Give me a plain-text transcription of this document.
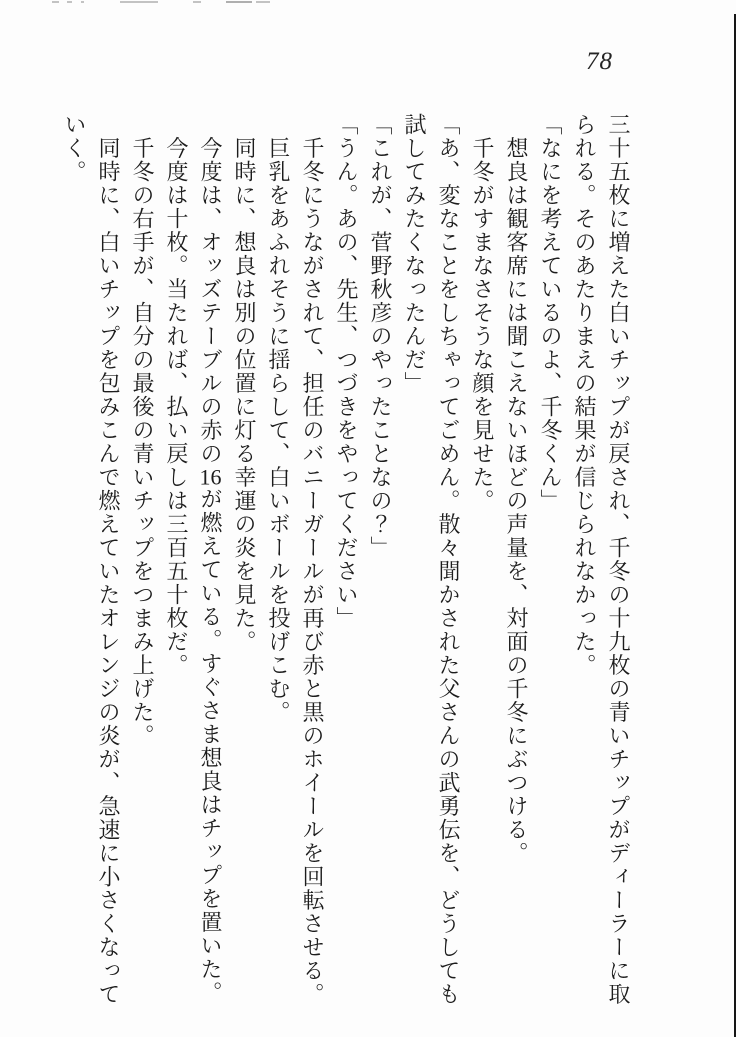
78

三十五枚に増えた白いチップが戻され、千冬の十九枚の青いチップがディーラーに取られる。そのあたりまえの結果が信じられなかった。

「なにを考えているのよ、千冬くん」

　想良は観客席には聞こえないほどの声量を、対面の千冬にぶつける。

　千冬がすまなさそうな顔を見せた。

「あ、変なことをしちゃってごめん。散々聞かされた父さんの武勇伝を、どうしても試してみたくなったんだ」

「これが、菅野秋彦のやったことなの？」

「うん。あの、先生、つづきをやってください」

　千冬にうながされて、担任のバニーガールが再び赤と黒のホイールを回転させる。

　巨乳をあふれそうに揺らして、白いボールを投げこむ。

　同時に、想良は別の位置に灯る幸運の炎を見た。

　今度は、オッズテーブルの赤の16が燃えている。すぐさま想良はチップを置いた。

　今度は十枚。当たれば、払い戻しは三百五十枚だ。

　千冬の右手が、自分の最後の青いチップをつまみ上げた。

　同時に、白いチップを包みこんで燃えていたオレンジの炎が、急速に小さくなっていく。
